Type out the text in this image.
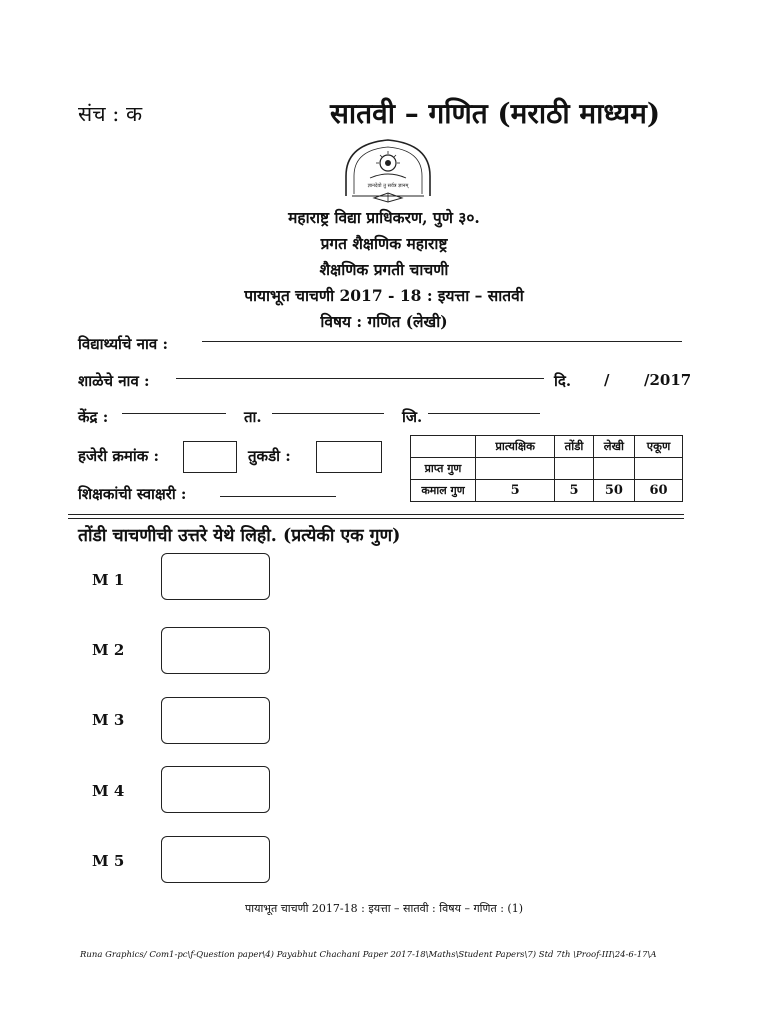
संच : क	सातवी – गणित (मराठी माध्यम)
ज्ञानदेवो तु सर्वत्र ज्ञानम्
महाराष्ट्र विद्या प्राधिकरण, पुणे ३०.
प्रगत शैक्षणिक महाराष्ट्र
शैक्षणिक प्रगती चाचणी
पायाभूत चाचणी 2017 - 18 : इयत्ता – सातवी
विषय : गणित (लेखी)
विद्यार्थ्याचे नाव :
शाळेचे नाव :	दि. / /2017
केंद्र :	ता.	जि.
हजेरी क्रमांक :	तुकडी :
शिक्षकांची स्वाक्षरी :
	प्रात्यक्षिक	तोंडी	लेखी	एकूण
प्राप्त गुण				
कमाल गुण	5	5	50	60
तोंडी चाचणीची उत्तरे येथे लिही. (प्रत्येकी एक गुण)
M 1
M 2
M 3
M 4
M 5
पायाभूत चाचणी 2017-18 : इयत्ता – सातवी : विषय – गणित : (1)
Runa Graphics/ Com1-pc\f-Question paper\4) Payabhut Chachani Paper 2017-18\Maths\Student Papers\7) Std 7th \Proof-III\24-6-17\A
